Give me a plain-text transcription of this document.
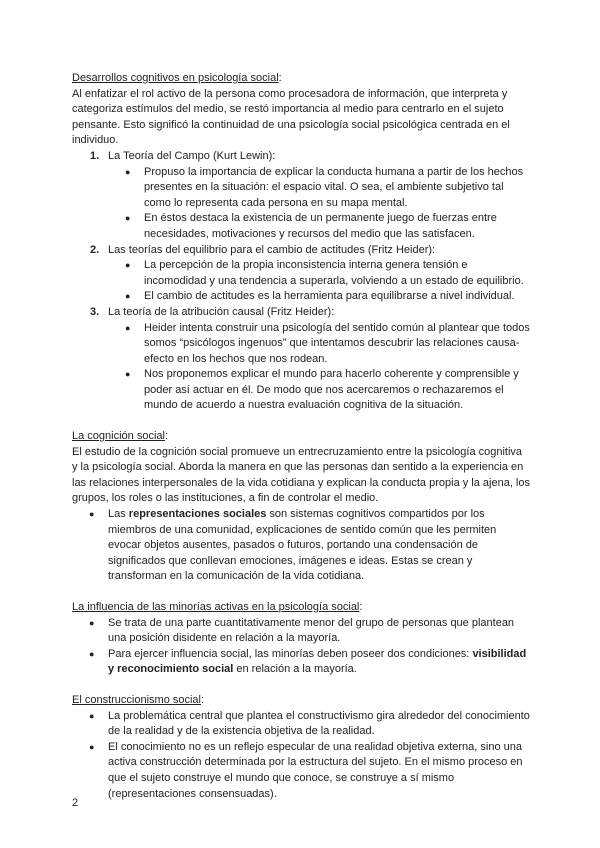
Desarrollos cognitivos en psicología social:

Al enfatizar el rol activo de la persona como procesadora de información, que interpreta y categoriza estímulos del medio, se restó importancia al medio para centrarlo en el sujeto pensante. Esto significó la continuidad de una psicología social psicológica centrada en el individuo.

1. La Teoría del Campo (Kurt Lewin):
● Propuso la importancia de explicar la conducta humana a partir de los hechos presentes en la situación: el espacio vital. O sea, el ambiente subjetivo tal como lo representa cada persona en su mapa mental.
● En éstos destaca la existencia de un permanente juego de fuerzas entre necesidades, motivaciones y recursos del medio que las satisfacen.
2. Las teorías del equilibrio para el cambio de actitudes (Fritz Heider):
● La percepción de la propia inconsistencia interna genera tensión e incomodidad y una tendencia a superarla, volviendo a un estado de equilibrio.
● El cambio de actitudes es la herramienta para equilibrarse a nivel individual.
3. La teoría de la atribución causal (Fritz Heider):
● Heider intenta construir una psicología del sentido común al plantear que todos somos “psicólogos ingenuos” que intentamos descubrir las relaciones causa-efecto en los hechos que nos rodean.
● Nos proponemos explicar el mundo para hacerlo coherente y comprensible y poder así actuar en él. De modo que nos acercaremos o rechazaremos el mundo de acuerdo a nuestra evaluación cognitiva de la situación.

La cognición social:

El estudio de la cognición social promueve un entrecruzamiento entre la psicología cognitiva y la psicología social. Aborda la manera en que las personas dan sentido a la experiencia en las relaciones interpersonales de la vida cotidiana y explican la conducta propia y la ajena, los grupos, los roles o las instituciones, a fin de controlar el medio.

● Las representaciones sociales son sistemas cognitivos compartidos por los miembros de una comunidad, explicaciones de sentido común que les permiten evocar objetos ausentes, pasados o futuros, portando una condensación de significados que conllevan emociones, imágenes e ideas. Estas se crean y transforman en la comunicación de la vida cotidiana.

La influencia de las minorías activas en la psicología social:

● Se trata de una parte cuantitativamente menor del grupo de personas que plantean una posición disidente en relación a la mayoría.
● Para ejercer influencia social, las minorías deben poseer dos condiciones: visibilidad y reconocimiento social en relación a la mayoría.

El construccionismo social:

● La problemática central que plantea el constructivismo gira alrededor del conocimiento de la realidad y de la existencia objetiva de la realidad.
● El conocimiento no es un reflejo especular de una realidad objetiva externa, sino una activa construcción determinada por la estructura del sujeto. En el mismo proceso en que el sujeto construye el mundo que conoce, se construye a sí mismo (representaciones consensuadas).
2
